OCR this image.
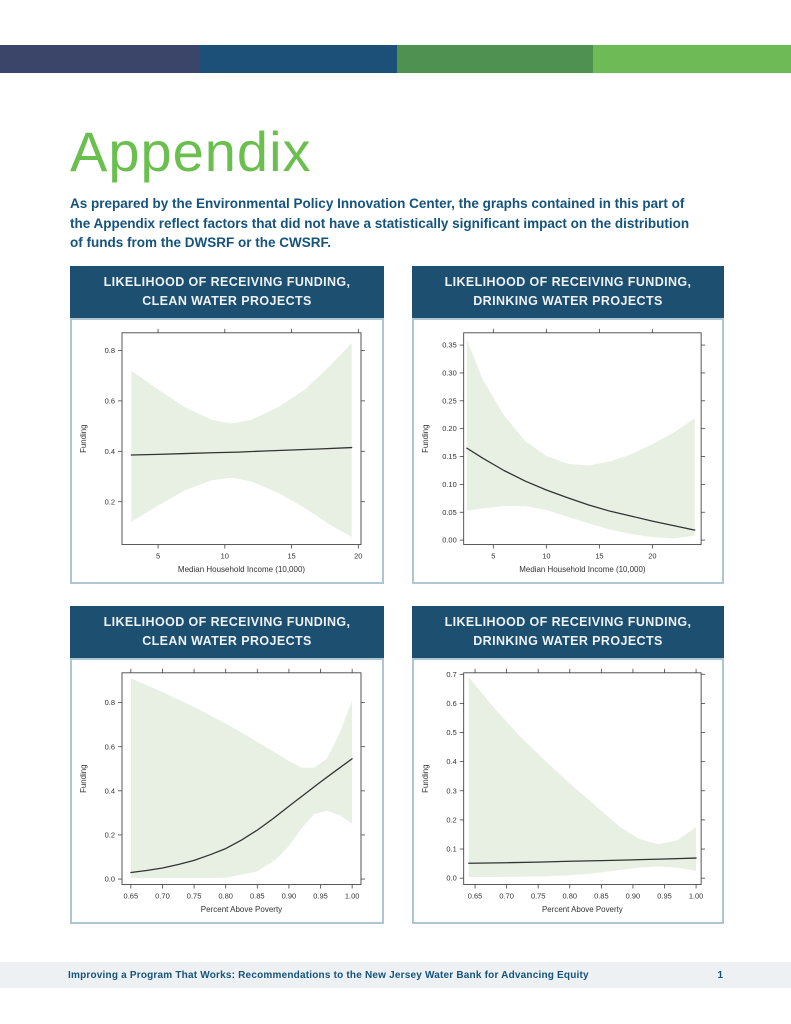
Appendix

As prepared by the Environmental Policy Innovation Center, the graphs contained in this part of the Appendix reflect factors that did not have a statistically significant impact on the distribution of funds from the DWSRF or the CWSRF.

LIKELIHOOD OF RECEIVING FUNDING,
CLEAN WATER PROJECTS
5	10	15	20
0.2
0.4
0.6
0.8
Median Household Income (10,000)
Funding
LIKELIHOOD OF RECEIVING FUNDING,
DRINKING WATER PROJECTS
5	10	15	20
0.00
0.05
0.10
0.15
0.20
0.25
0.30
0.35
Median Household Income (10,000)
Funding
LIKELIHOOD OF RECEIVING FUNDING,
CLEAN WATER PROJECTS
0.65 0.70 0.75 0.80 0.85 0.90 0.95 1.00
0.0
0.2
0.4
0.6
0.8
Percent Above Poverty
Funding
LIKELIHOOD OF RECEIVING FUNDING,
DRINKING WATER PROJECTS
0.65 0.70 0.75 0.80 0.85 0.90 0.95 1.00
0.0
0.1
0.2
0.3
0.4
0.5
0.6
0.7
Percent Above Poverty
Funding
Improving a Program That Works: Recommendations to the New Jersey Water Bank for Advancing Equity	1
